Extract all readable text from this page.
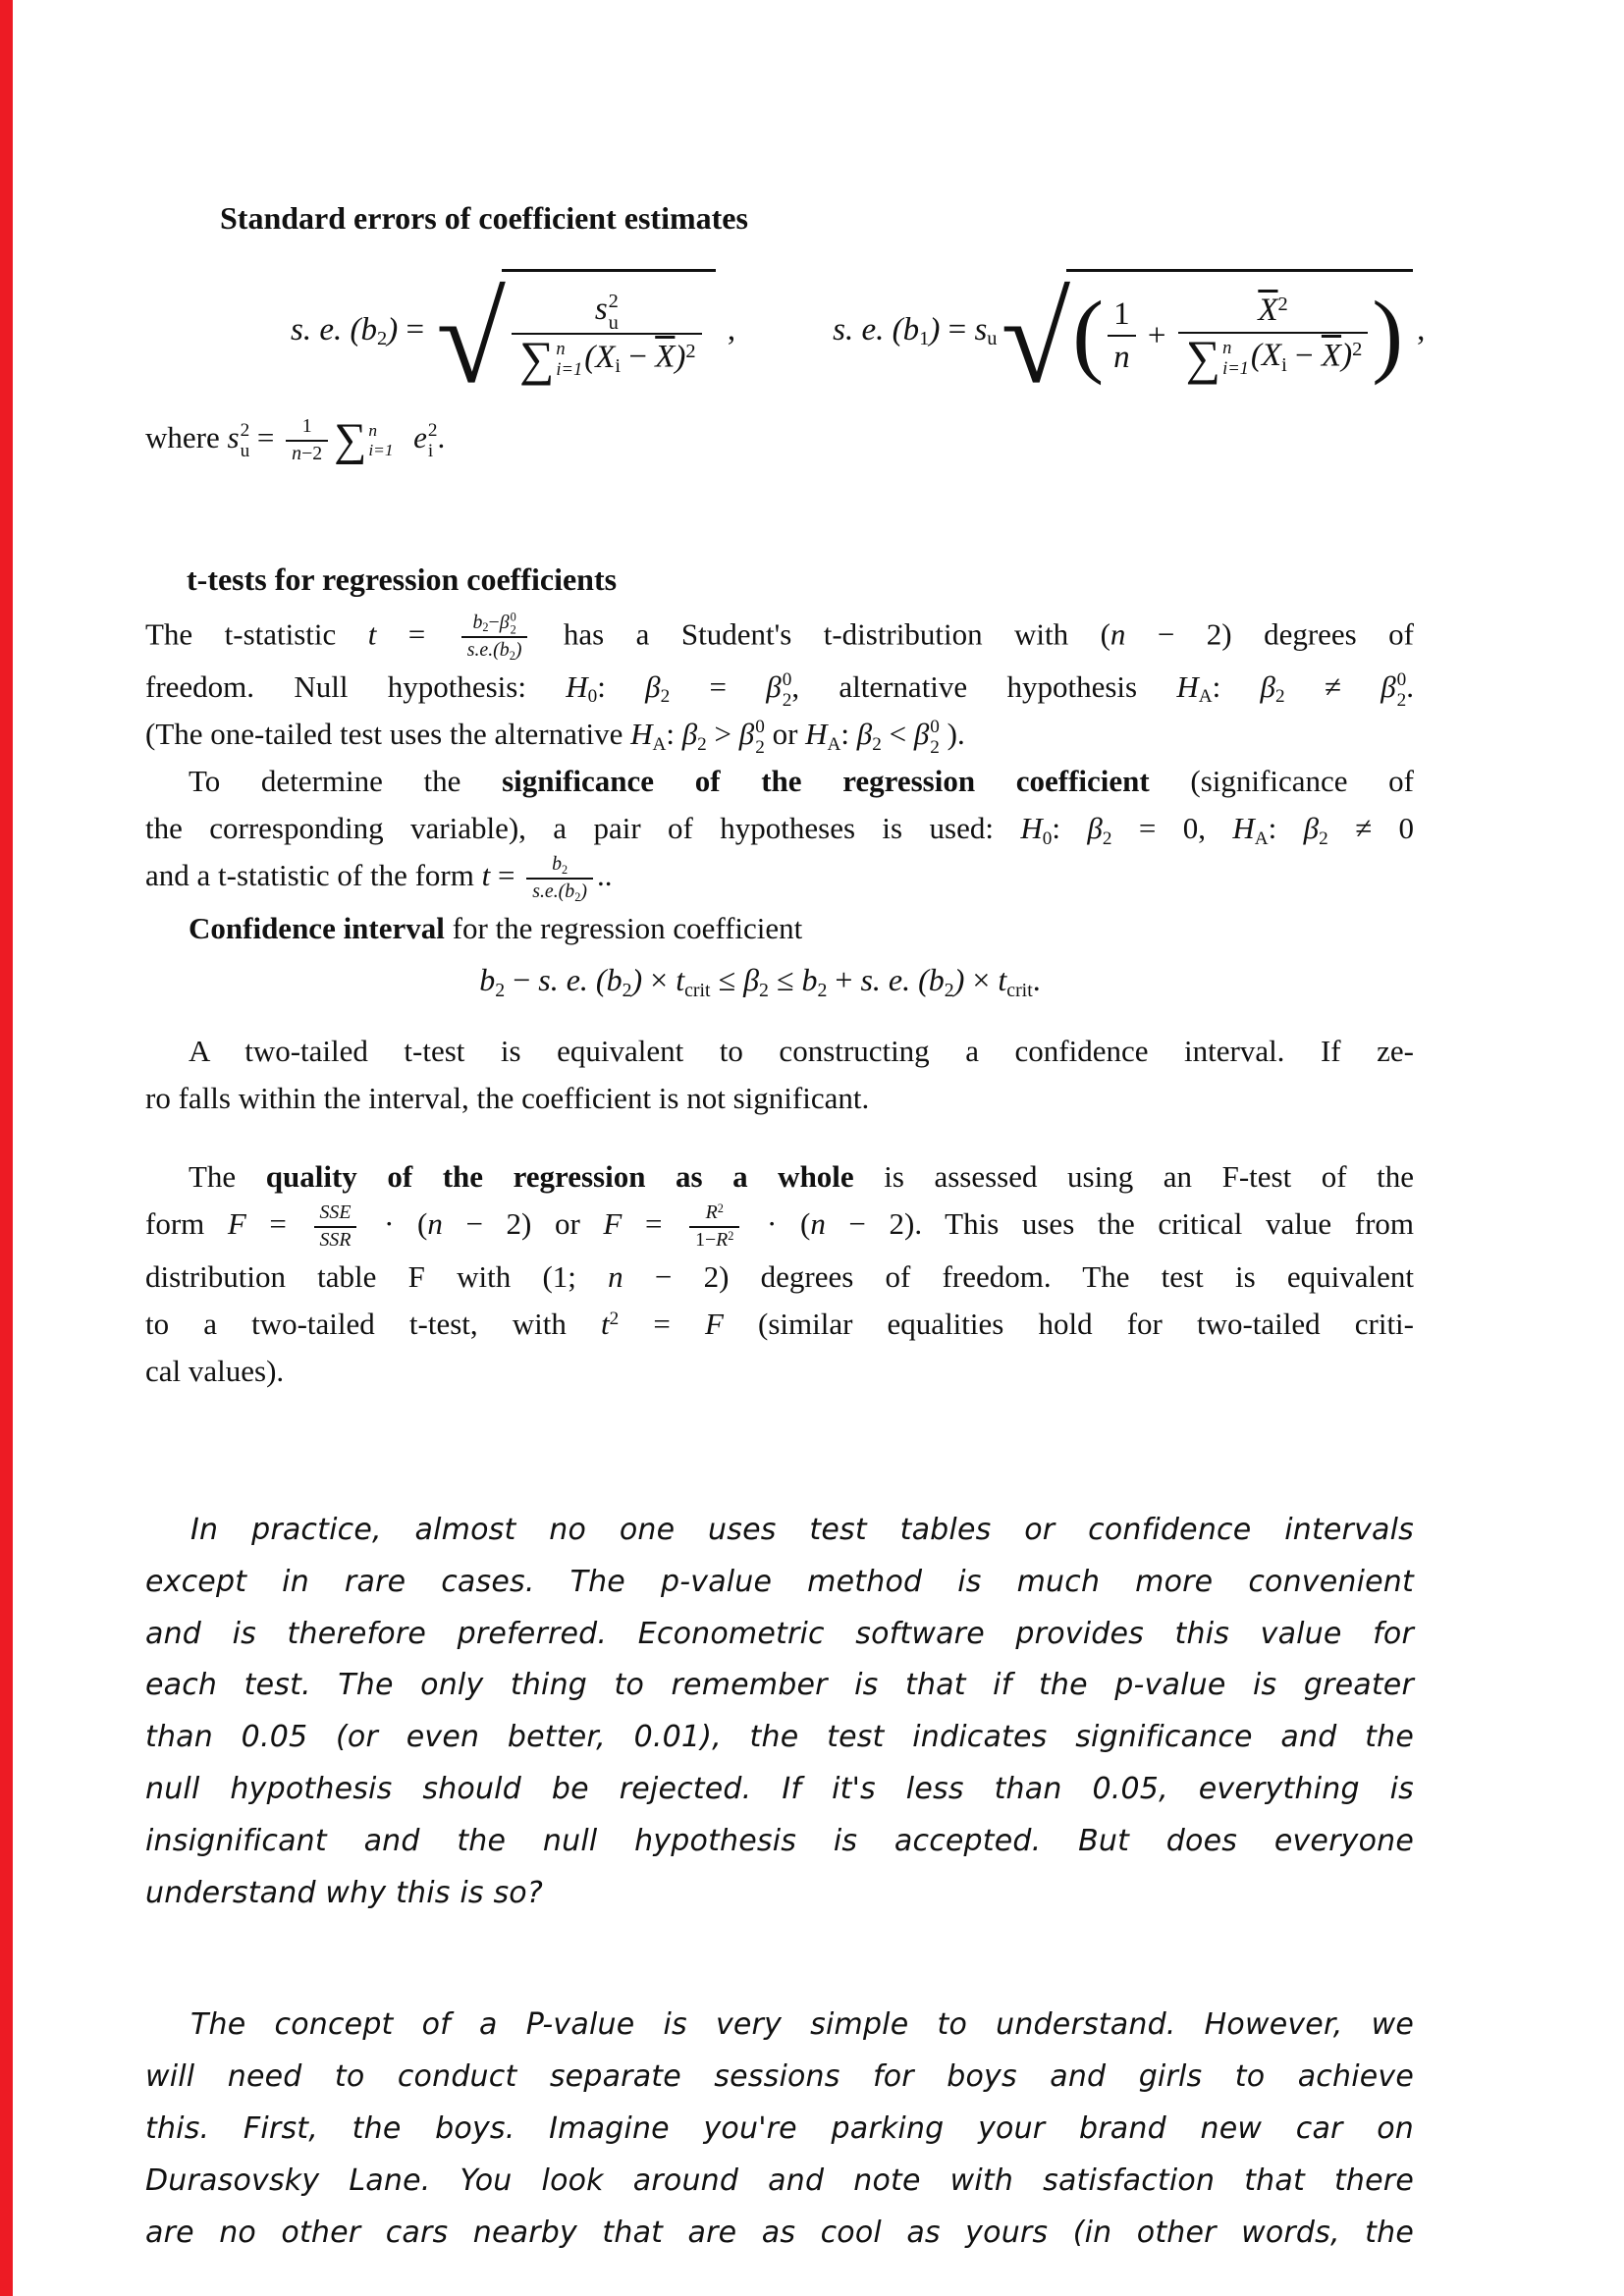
Standard errors of coefficient estimates
s. e. (b2) = √ s 2
u
∑ n
i=1 $(Xi - \overline{X})^2$ ,	s. e. (b1) = su √ ( $\frac{1}{n} + \overline{X}^2$
∑ n
i=1 $(Xi - \overline{X})^2$ ) ,
where s 2
$u = \frac{1}{n-2}$ ∑ n
i=1 e 2
i .
t-tests for regression coefficients
The t-statistic t = b2−β 0
2
s.e.(b2) has a Student's t-distribution with (n − 2) degrees of
freedom. Null hypothesis: H0: β2 = β 0
2 , alternative hypothesis HA: β2 ≠ β 0
2 .
(The one-tailed test uses the alternative HA: β2 > β 0
2 or HA: β2 < β 0
2 ).
To determine the significance of the regression coefficient (significance of
the corresponding variable), a pair of hypotheses is used: H0: β2 = 0, HA: β2 ≠ 0
and a t-statistic of the form $t = \frac{b2}{s.e.(b2)}$ ..
Confidence interval for the regression coefficient
b2 − s. e. (b2) × tcrit ≤ β2 ≤ b2 + s. e. (b2) × tcrit.
A two-tailed t-test is equivalent to constructing a confidence interval. If ze-
ro falls within the interval, the coefficient is not significant.
The quality of the regression as a whole is assessed using an F-test of the
form $F = \frac{\text{SSE}}{\text{SSR}} \cdot (n - 2)$ or $F = \frac{R^2}{1-R^2} \cdot (n - 2)$. This uses the critical value from
distribution table F with (1; n − 2) degrees of freedom. The test is equivalent
to a two-tailed t-test, with $t^2 = F$ (similar equalities hold for two-tailed criti-
cal values).
In practice, almost no one uses test tables or confidence intervals
except in rare cases. The p-value method is much more convenient
and is therefore preferred. Econometric software provides this value for
each test. The only thing to remember is that if the p-value is greater
than 0.05 (or even better, 0.01), the test indicates significance and the
null hypothesis should be rejected. If it's less than 0.05, everything is
insignificant and the null hypothesis is accepted. But does everyone
understand why this is so?
The concept of a P-value is very simple to understand. However, we
will need to conduct separate sessions for boys and girls to achieve
this. First, the boys. Imagine you're parking your brand new car on
Durasovsky Lane. You look around and note with satisfaction that there
are no other cars nearby that are as cool as yours (in other words, the
